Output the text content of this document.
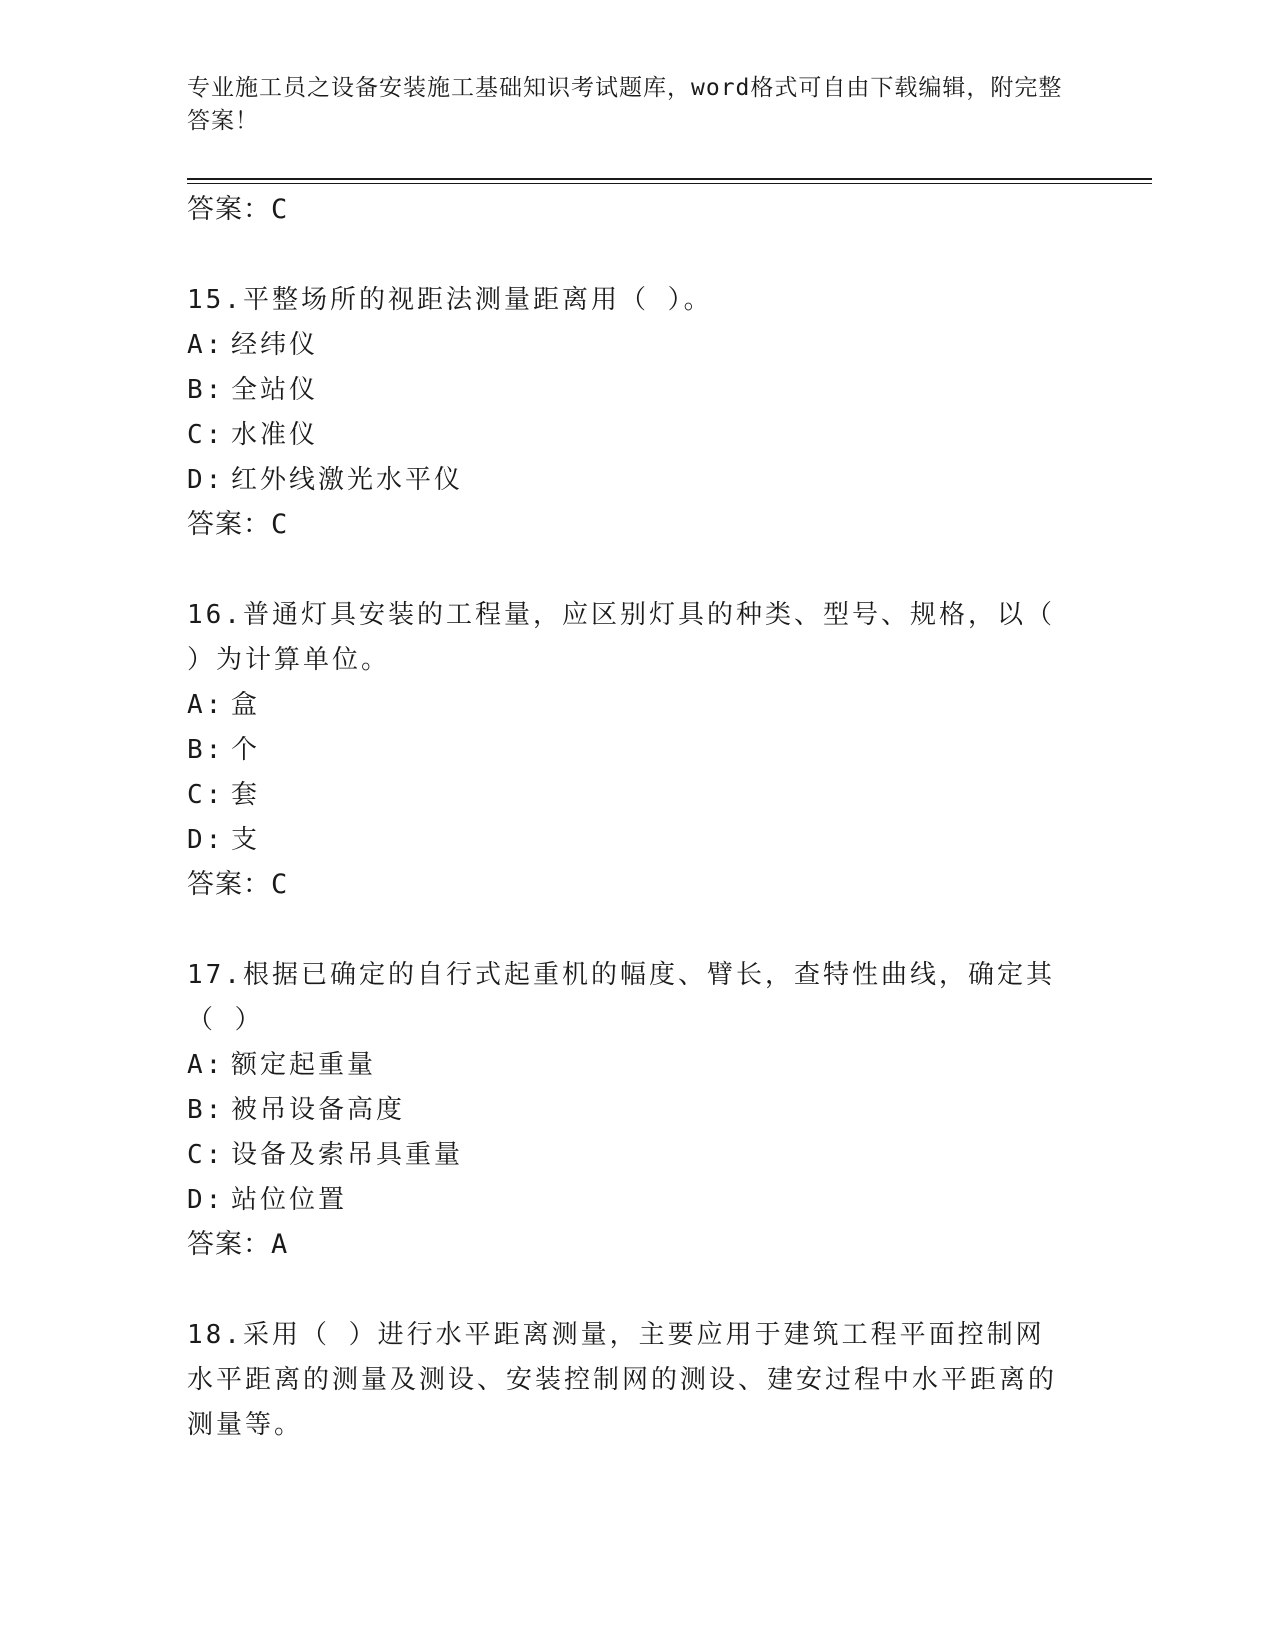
专业施工员之设备安装施工基础知识考试题库，word格式可自由下载编辑，附完整答案！

答案：C

15.平整场所的视距法测量距离用（ ）。

A: 经纬仪

B: 全站仪

C: 水准仪

D: 红外线激光水平仪

答案：C

16.普通灯具安装的工程量，应区别灯具的种类、型号、规格，以（ ）为计算单位。

A: 盒

B: 个

C: 套

D: 支

答案：C

17.根据已确定的自行式起重机的幅度、臂长，查特性曲线，确定其（ ）

A: 额定起重量

B: 被吊设备高度

C: 设备及索吊具重量

D: 站位位置

答案：A

18.采用（ ）进行水平距离测量，主要应用于建筑工程平面控制网水平距离的测量及测设、安装控制网的测设、建安过程中水平距离的测量等。
